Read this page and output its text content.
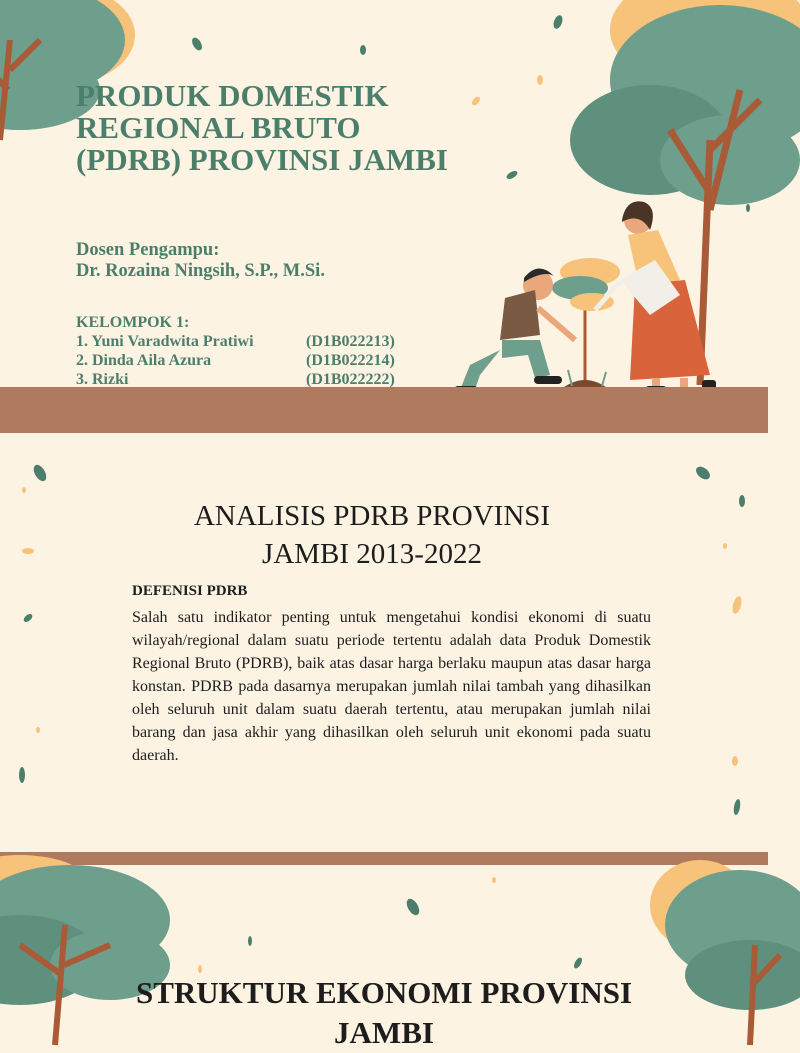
PRODUK DOMESTIK REGIONAL BRUTO (PDRB) PROVINSI JAMBI
Dosen Pengampu:
Dr. Rozaina Ningsih, S.P., M.Si.
KELOMPOK 1:
1. Yuni Varadwita Pratiwi	(D1B022213)
2. Dinda Aila Azura	(D1B022214)
3. Rizki	(D1B022222)
ANALISIS PDRB PROVINSI
JAMBI 2013-2022
DEFENISI PDRB

Salah satu indikator penting untuk mengetahui kondisi ekonomi di suatu wilayah/regional dalam suatu periode tertentu adalah data Produk Domestik Regional Bruto (PDRB), baik atas dasar harga berlaku maupun atas dasar harga konstan. PDRB pada dasarnya merupakan jumlah nilai tambah yang dihasilkan oleh seluruh unit dalam suatu daerah tertentu, atau merupakan jumlah nilai barang dan jasa akhir yang dihasilkan oleh seluruh unit ekonomi pada suatu daerah.

STRUKTUR EKONOMI PROVINSI
JAMBI
